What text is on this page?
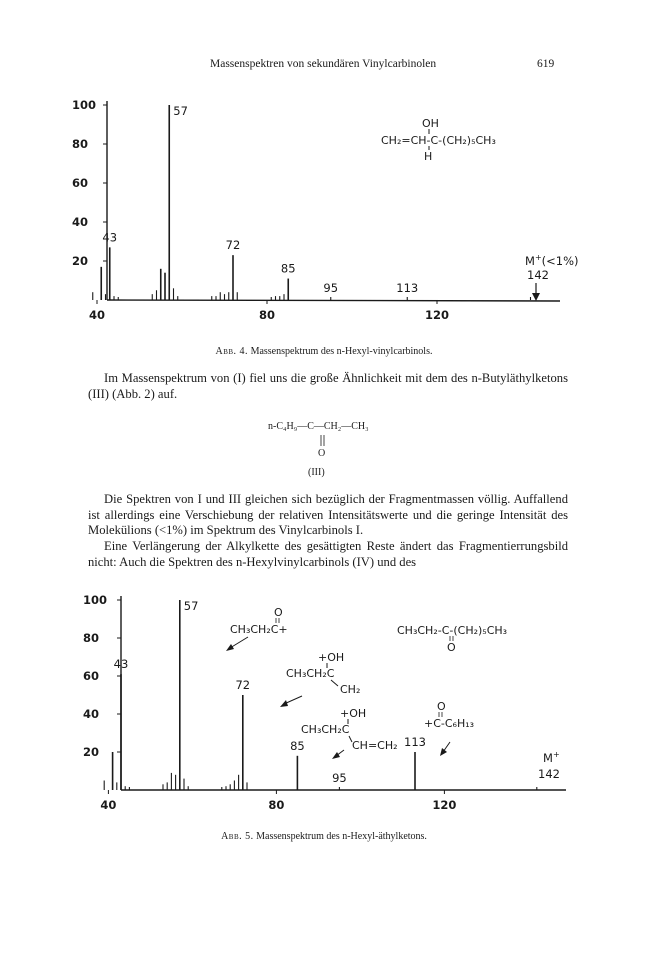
Massenspektren von sekundären Vinylcarbinolen	619
20
40
60
80
100
40	80	120
43
57
72
85
95	113
OH
CH₂=CH-C-(CH₂)₅CH₃
H
M+(<1%)
142
Abb. 4. Massenspektrum des n-Hexyl-vinylcarbinols.
Im Massenspektrum von (I) fiel uns die große Ähnlichkeit mit dem des n-Butyläthylketons (III) (Abb. 2) auf.
n-C₄H₉—C—CH₂—CH₃
O
(III)
Die Spektren von I und III gleichen sich bezüglich der Fragmentmassen völlig. Auffallend ist allerdings eine Verschiebung der relativen Intensitätswerte und die geringe Intensität des Molekülions (<1%) im Spektrum des Vinylcarbinols I.
Eine Verlängerung der Alkylkette des gesättigten Reste ändert das Fragmentierrungsbild nicht: Auch die Spektren des n-Hexylvinylcarbinols (IV) und des
20
40
60
80
100
40	80	120
43
57
72
85
95
113
CH₃CH₂-C-(CH₂)₅CH₃
O
O
CH₃CH₂C+
+OH
CH₃CH₂C
CH₂
+OH
CH₃CH₂C
CH=CH₂
O
+C-C₆H₁₃
M+
142
Abb. 5. Massenspektrum des n-Hexyl-äthylketons.
